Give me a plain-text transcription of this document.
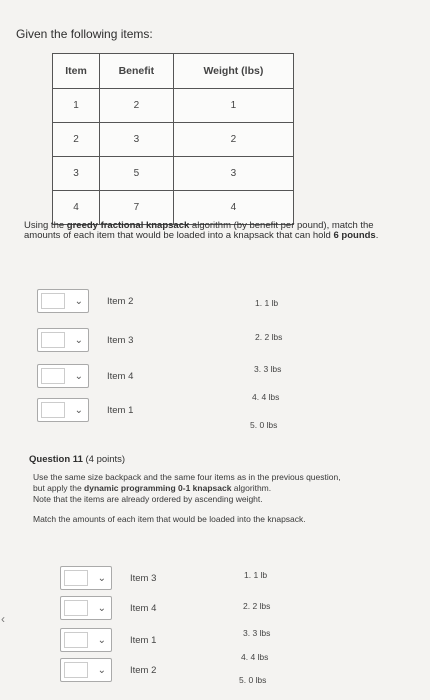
Given the following items:
Item	Benefit	Weight (lbs)
1	2	1
2	3	2
3	5	3
4	7	4
Using the greedy fractional knapsack algorithm (by benefit per pound), match the amounts of each item that would be loaded into a knapsack that can hold 6 pounds.
⌄	Item 2
⌄	Item 3
⌄	Item 4
⌄	Item 1
1. 1 lb
2. 2 lbs
3. 3 lbs
4. 4 lbs
5. 0 lbs
Question 11 (4 points)
Use the same size backpack and the same four items as in the previous question,
but apply the dynamic programming 0-1 knapsack algorithm.
Note that the items are already ordered by ascending weight.
Match the amounts of each item that would be loaded into the knapsack.
⌄	Item 3
⌄	Item 4
⌄	Item 1
⌄	Item 2
1. 1 lb
2. 2 lbs
3. 3 lbs
4. 4 lbs
5. 0 lbs
‹
